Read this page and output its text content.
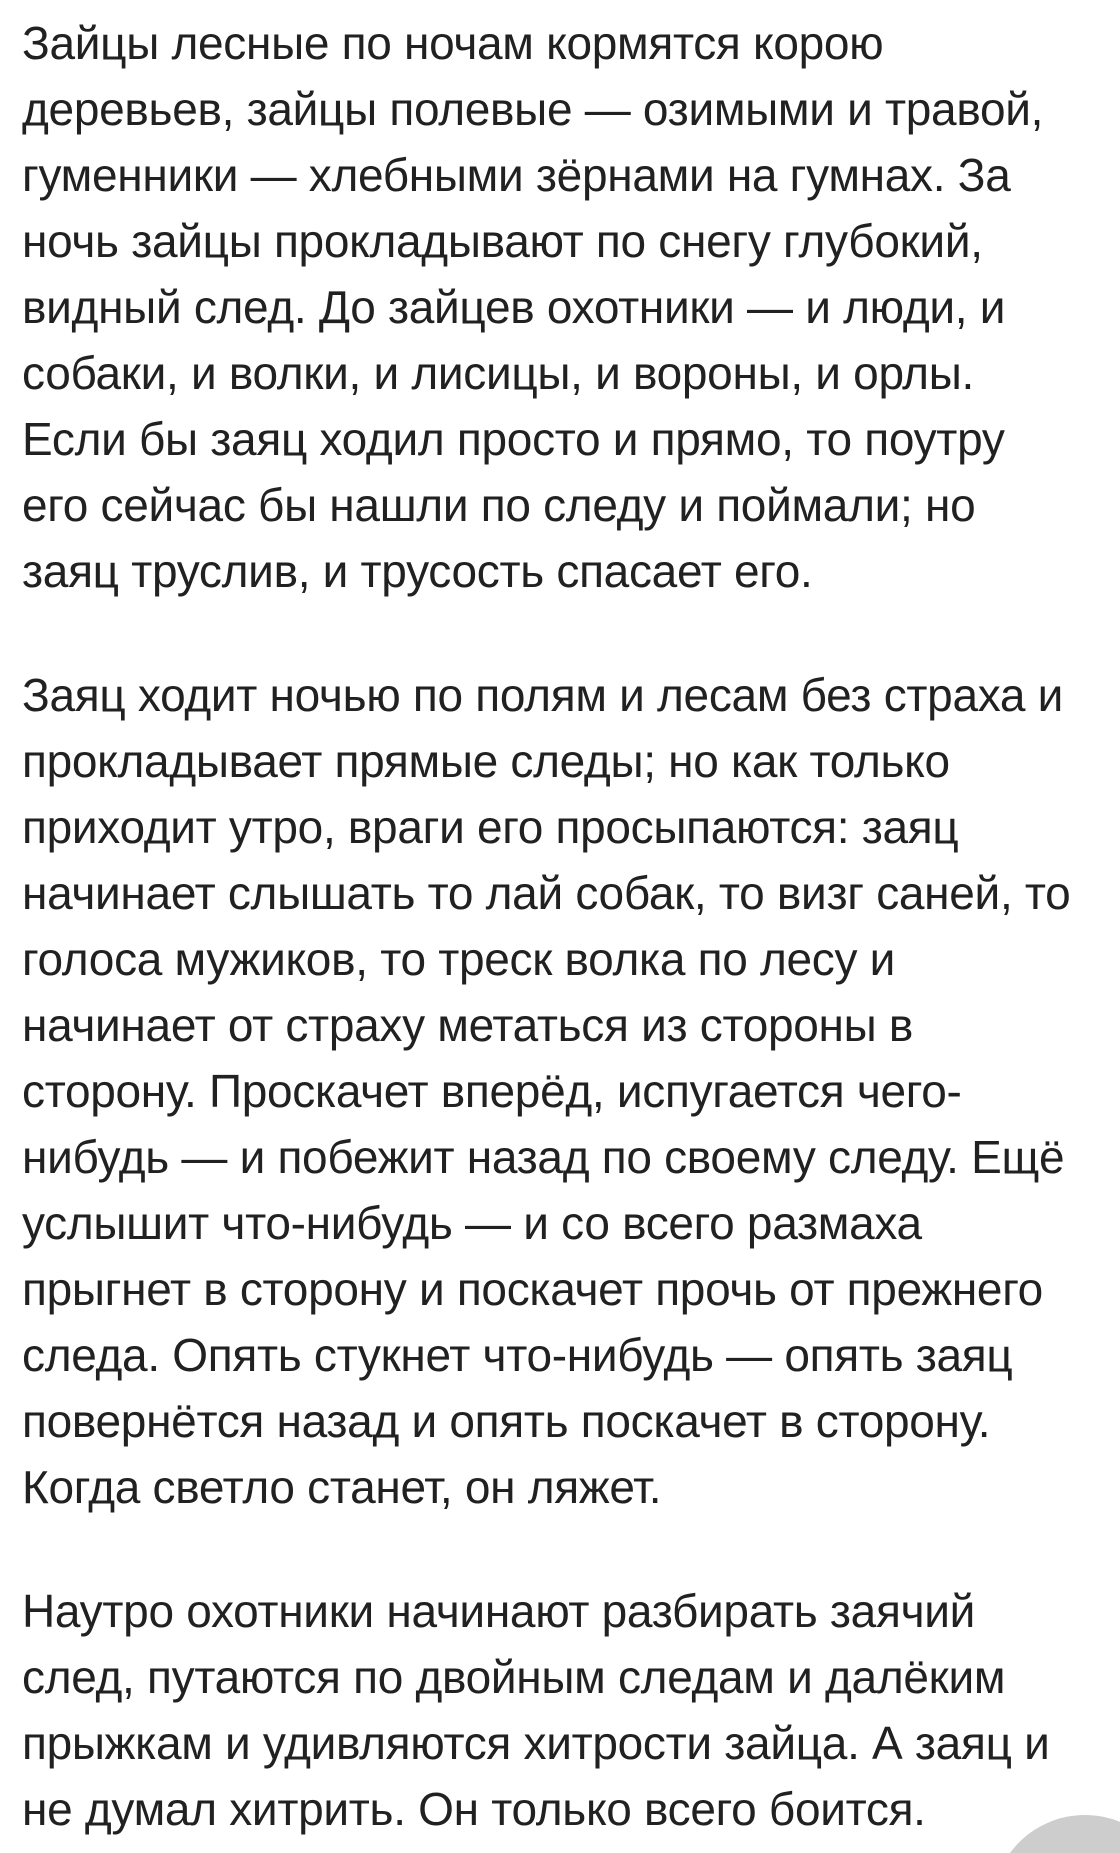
Зайцы лесные по ночам кормятся корою
деревьев, зайцы полевые — озимыми и травой,
гуменники — хлебными зёрнами на гумнах. За
ночь зайцы прокладывают по снегу глубокий,
видный след. До зайцев охотники — и люди, и
собаки, и волки, и лисицы, и вороны, и орлы.
Если бы заяц ходил просто и прямо, то поутру
его сейчас бы нашли по следу и поймали; но
заяц труслив, и трусость спасает его.

Заяц ходит ночью по полям и лесам без страха и
прокладывает прямые следы; но как только
приходит утро, враги его просыпаются: заяц
начинает слышать то лай собак, то визг саней, то
голоса мужиков, то треск волка по лесу и
начинает от страху метаться из стороны в
сторону. Проскачет вперёд, испугается чего-
нибудь — и побежит назад по своему следу. Ещё
услышит что-нибудь — и со всего размаха
прыгнет в сторону и поскачет прочь от прежнего
следа. Опять стукнет что-нибудь — опять заяц
повернётся назад и опять поскачет в сторону.
Когда светло станет, он ляжет.

Наутро охотники начинают разбирать заячий
след, путаются по двойным следам и далёким
прыжкам и удивляются хитрости зайца. А заяц и
не думал хитрить. Он только всего боится.
